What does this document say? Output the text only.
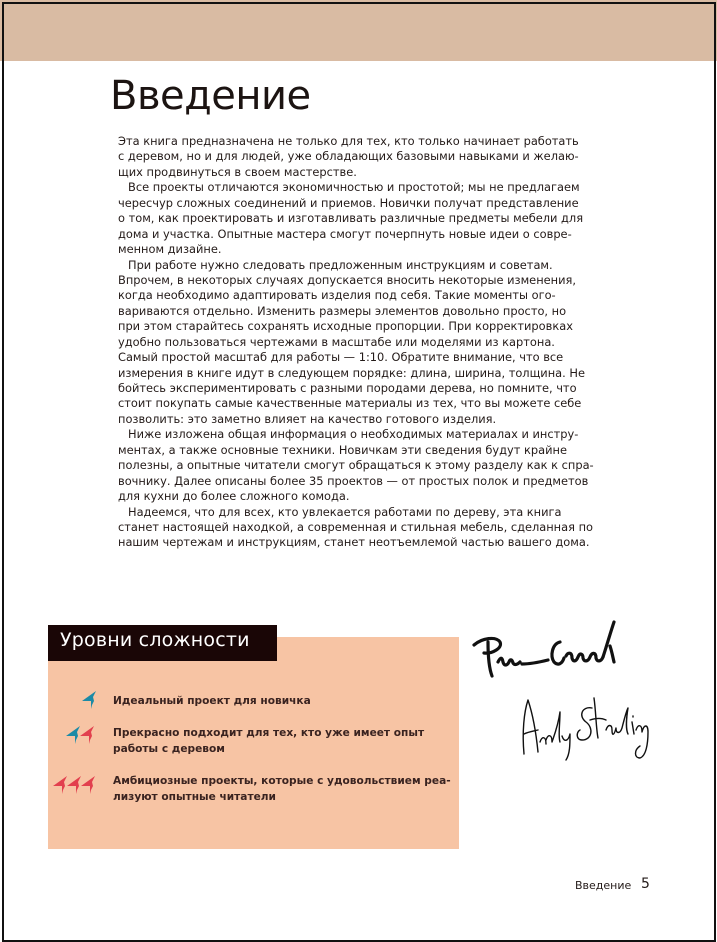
Введение
Эта книга предназначена не только для тех, кто только начинает работать
с деревом, но и для людей, уже обладающих базовыми навыками и желаю-
щих продвинуться в своем мастерстве.
Все проекты отличаются экономичностью и простотой; мы не предлагаем
чересчур сложных соединений и приемов. Новички получат представление
о том, как проектировать и изготавливать различные предметы мебели для
дома и участка. Опытные мастера смогут почерпнуть новые идеи о совре-
менном дизайне.
При работе нужно следовать предложенным инструкциям и советам.
Впрочем, в некоторых случаях допускается вносить некоторые изменения,
когда необходимо адаптировать изделия под себя. Такие моменты ого-
вариваются отдельно. Изменить размеры элементов довольно просто, но
при этом старайтесь сохранять исходные пропорции. При корректировках
удобно пользоваться чертежами в масштабе или моделями из картона.
Самый простой масштаб для работы — 1:10. Обратите внимание, что все
измерения в книге идут в следующем порядке: длина, ширина, толщина. Не
бойтесь экспериментировать с разными породами дерева, но помните, что
стоит покупать самые качественные материалы из тех, что вы можете себе
позволить: это заметно влияет на качество готового изделия.
Ниже изложена общая информация о необходимых материалах и инстру-
ментах, а также основные техники. Новичкам эти сведения будут крайне
полезны, а опытные читатели смогут обращаться к этому разделу как к спра-
вочнику. Далее описаны более 35 проектов — от простых полок и предметов
для кухни до более сложного комода.
Надеемся, что для всех, кто увлекается работами по дереву, эта книга
станет настоящей находкой, а современная и стильная мебель, сделанная по
нашим чертежам и инструкциям, станет неотъемлемой частью вашего дома.
Уровни сложности
Идеальный проект для новичка
Прекрасно подходит для тех, кто уже имеет опыт
работы с деревом
Амбициозные проекты, которые с удовольствием реа-
лизуют опытные читатели
Введение 5
